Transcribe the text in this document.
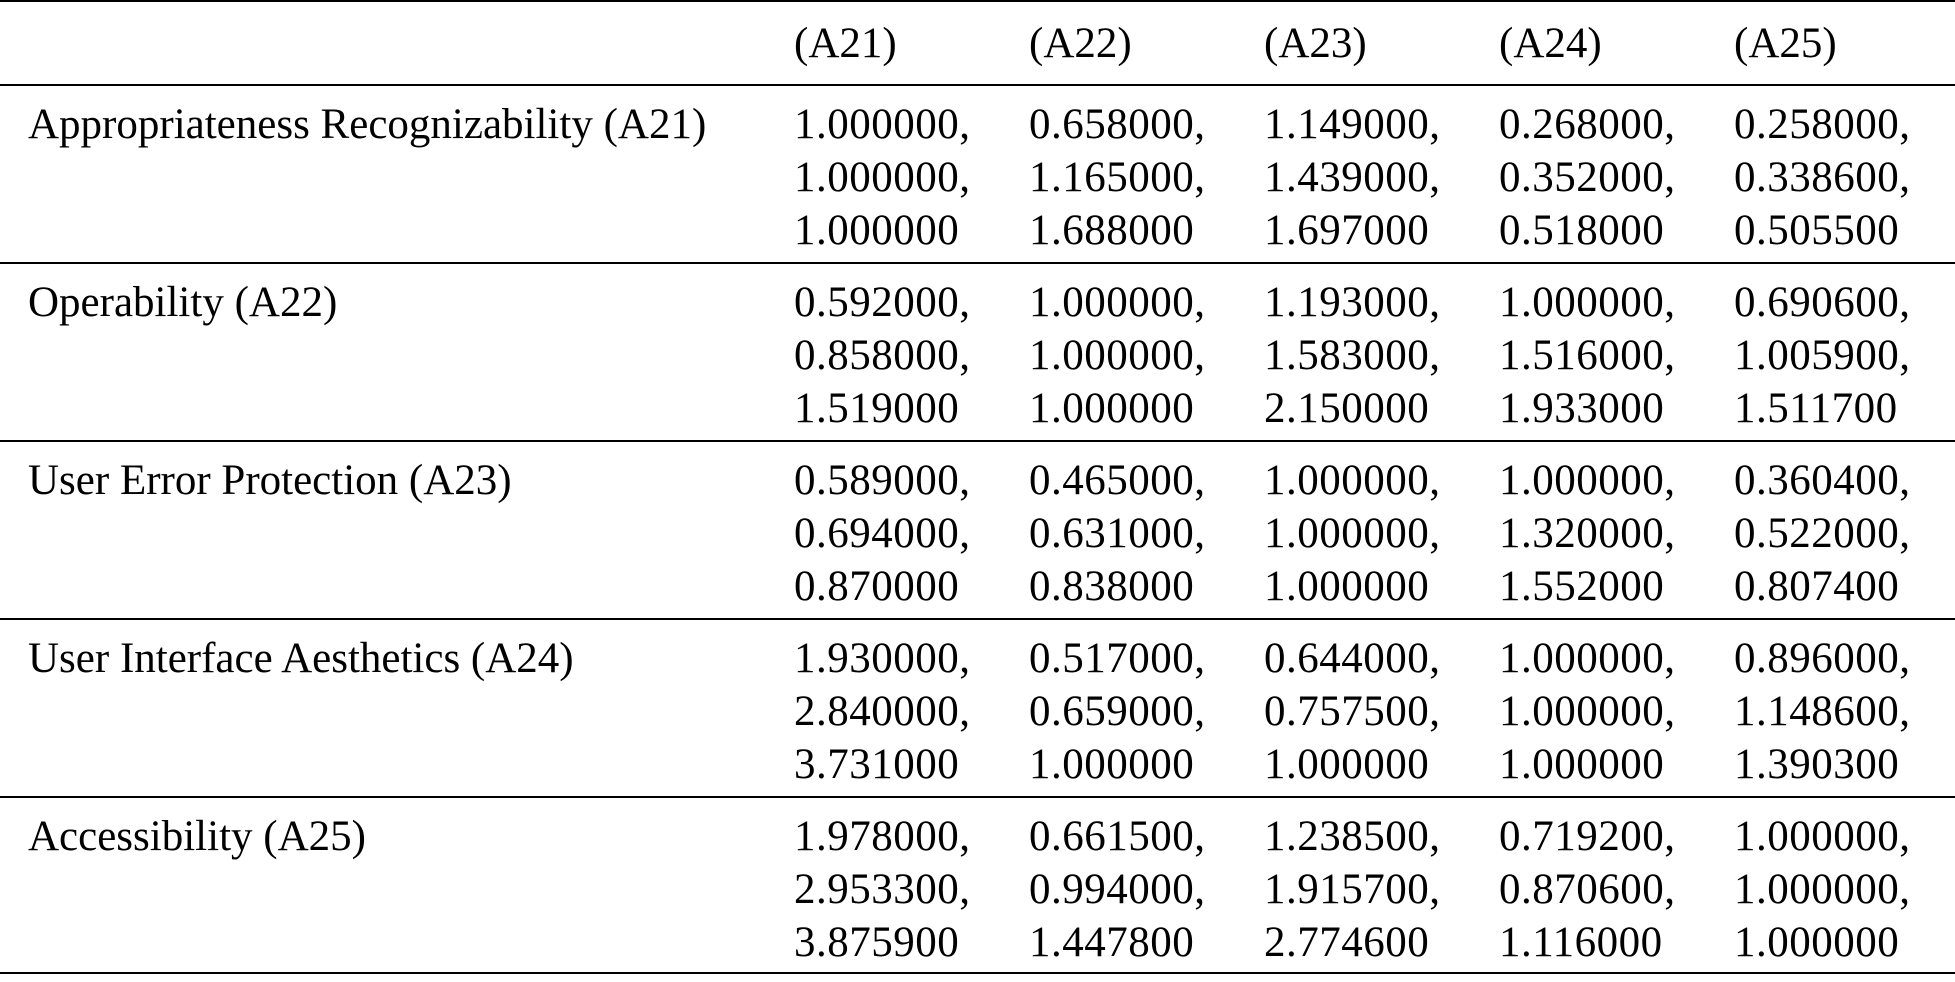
	(A21)	(A22)	(A23)	(A24)	(A25)
Appropriateness Recognizability (A21)	1.000000,
1.000000,
1.000000	0.658000,
1.165000,
1.688000	1.149000,
1.439000,
1.697000	0.268000,
0.352000,
0.518000	0.258000,
0.338600,
0.505500

Operability (A22)	0.592000,
0.858000,
1.519000	1.000000,
1.000000,
1.000000	1.193000,
1.583000,
2.150000	1.000000,
1.516000,
1.933000	0.690600,
1.005900,
1.511700

User Error Protection (A23)	0.589000,
0.694000,
0.870000	0.465000,
0.631000,
0.838000	1.000000,
1.000000,
1.000000	1.000000,
1.320000,
1.552000	0.360400,
0.522000,
0.807400

User Interface Aesthetics (A24)	1.930000,
2.840000,
3.731000	0.517000,
0.659000,
1.000000	0.644000,
0.757500,
1.000000	1.000000,
1.000000,
1.000000	0.896000,
1.148600,
1.390300

Accessibility (A25)	1.978000,
2.953300,
3.875900	0.661500,
0.994000,
1.447800	1.238500,
1.915700,
2.774600	0.719200,
0.870600,
1.116000	1.000000,
1.000000,
1.000000
